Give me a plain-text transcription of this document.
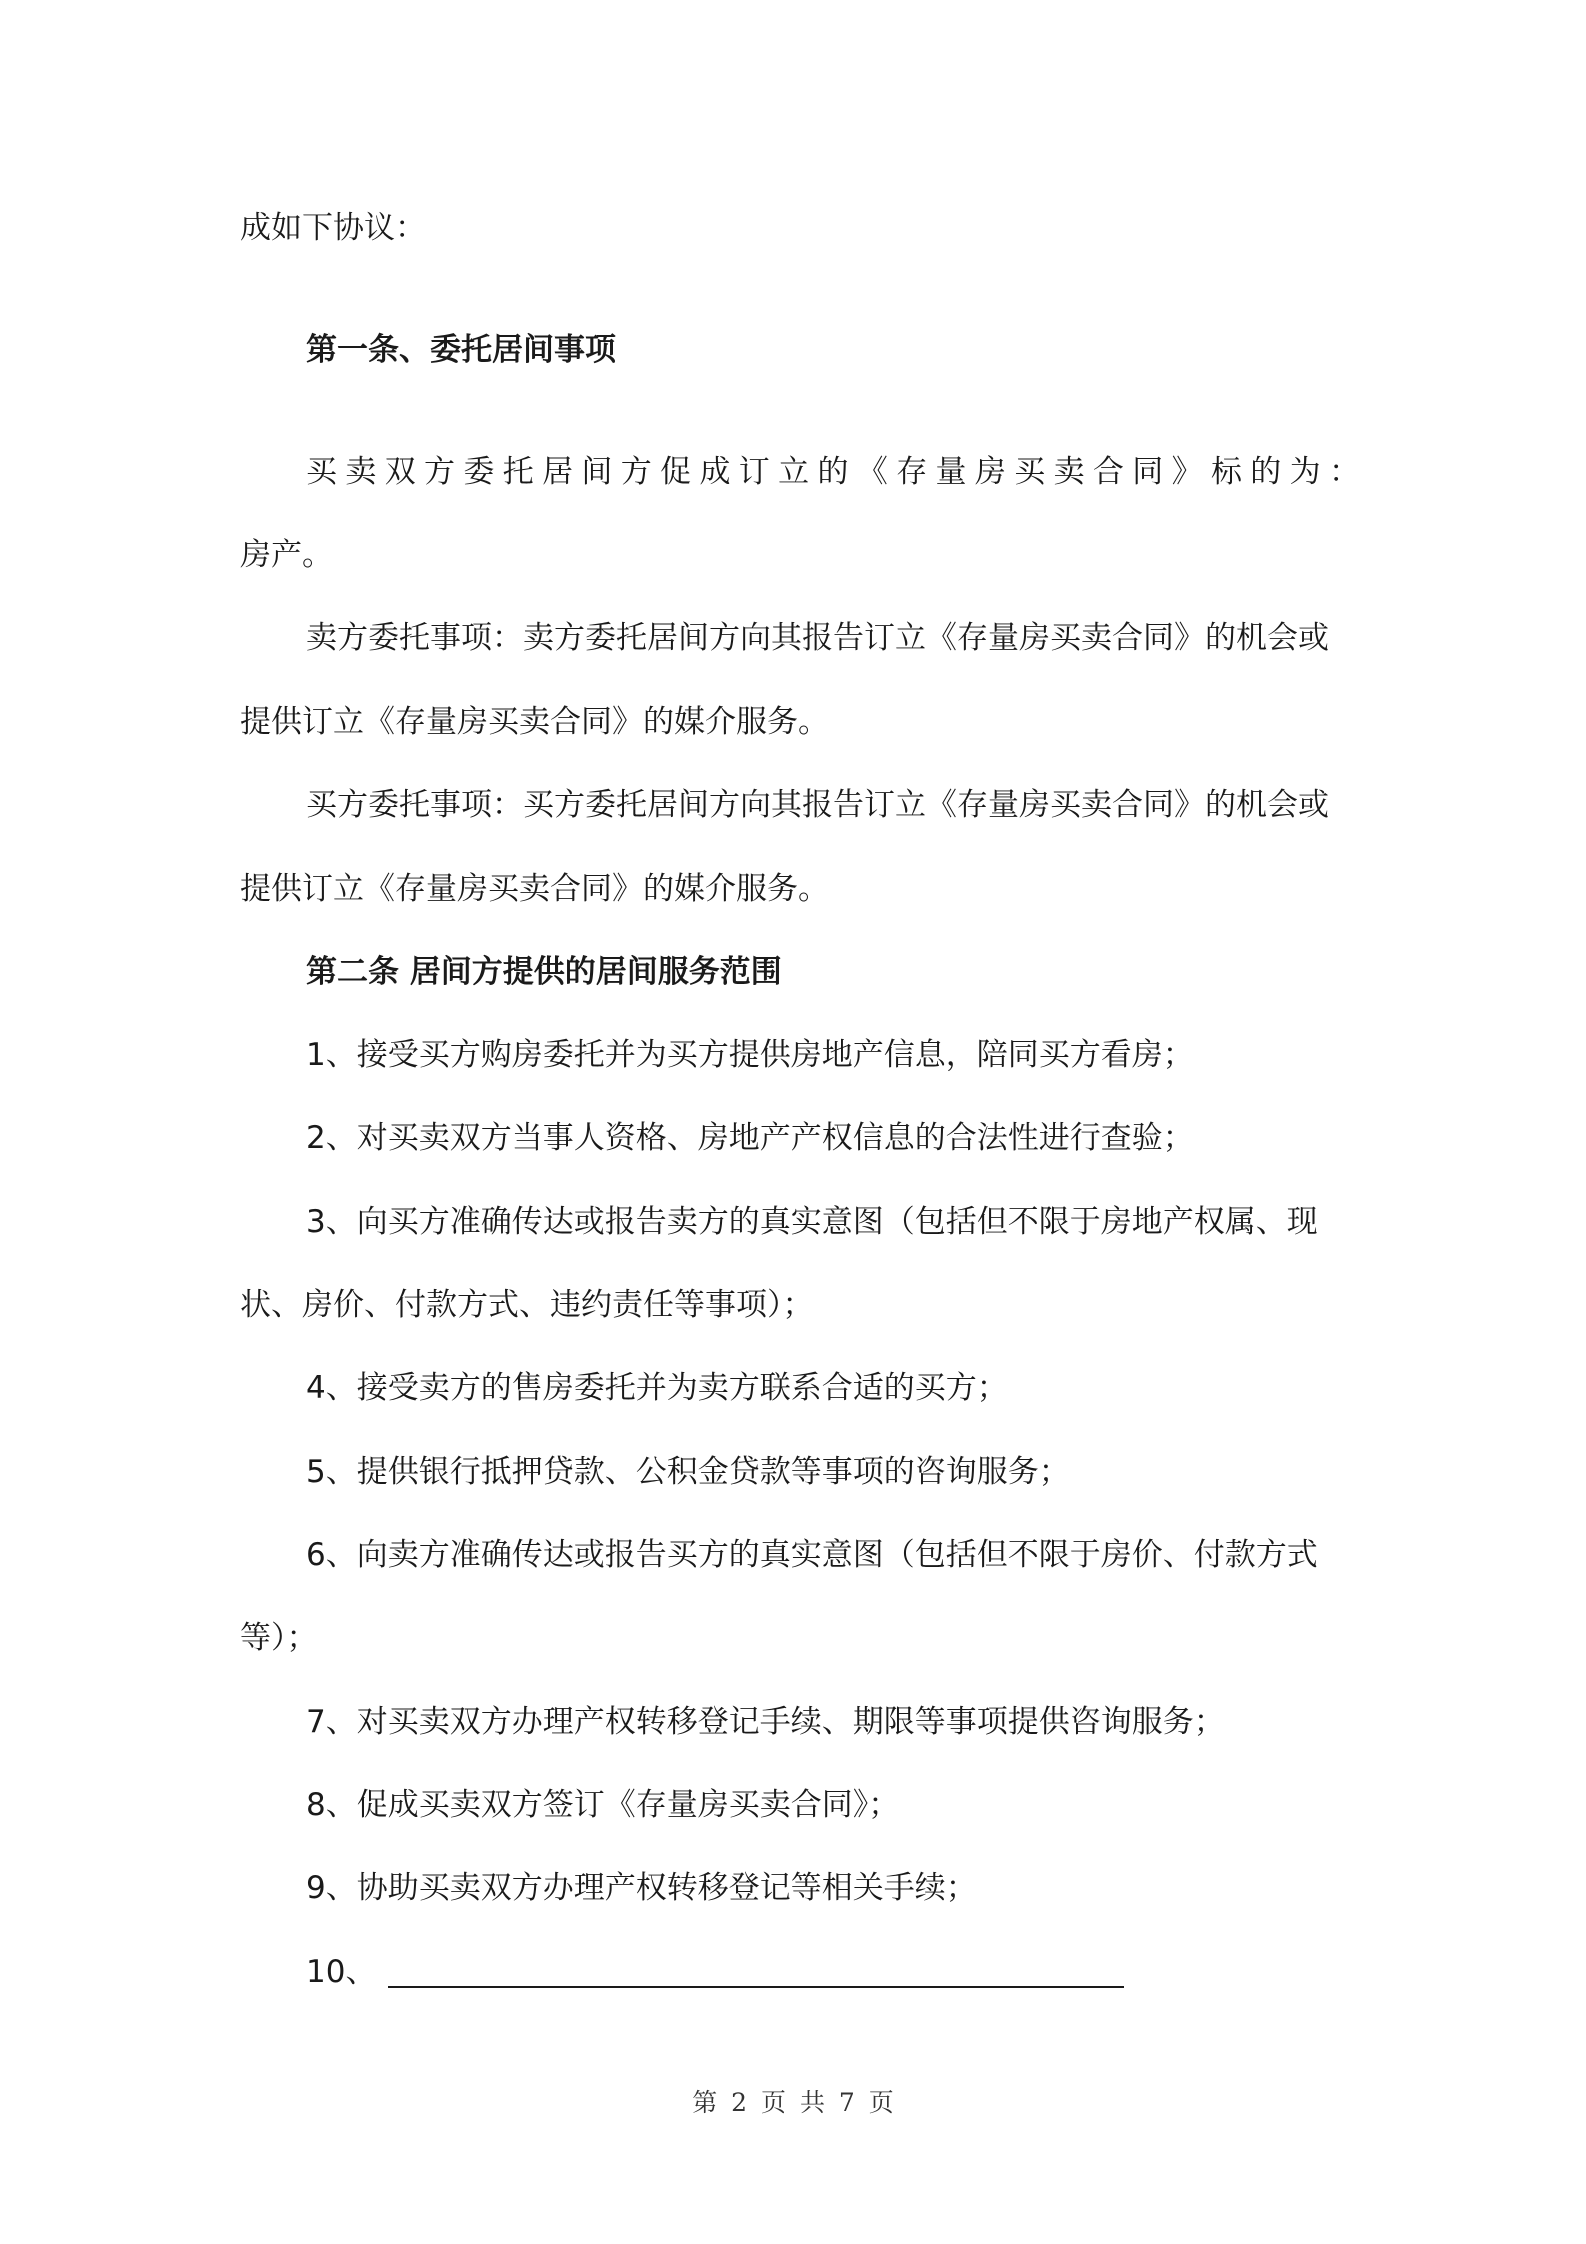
成如下协议：
第一条、委托居间事项
买卖双方委托居间方促成订立的《存量房买卖合同》标的为：
房产。
卖方委托事项：卖方委托居间方向其报告订立《存量房买卖合同》的机会或
提供订立《存量房买卖合同》的媒介服务。
买方委托事项：买方委托居间方向其报告订立《存量房买卖合同》的机会或
提供订立《存量房买卖合同》的媒介服务。
第二条 居间方提供的居间服务范围
1、接受买方购房委托并为买方提供房地产信息，陪同买方看房；
2、对买卖双方当事人资格、房地产产权信息的合法性进行查验；
3、向买方准确传达或报告卖方的真实意图（包括但不限于房地产权属、现
状、房价、付款方式、违约责任等事项）；
4、接受卖方的售房委托并为卖方联系合适的买方；
5、提供银行抵押贷款、公积金贷款等事项的咨询服务；
6、向卖方准确传达或报告买方的真实意图（包括但不限于房价、付款方式
等）；
7、对买卖双方办理产权转移登记手续、期限等事项提供咨询服务；
8、促成买卖双方签订《存量房买卖合同》；
9、协助买卖双方办理产权转移登记等相关手续；
10、
第 2 页 共 7 页
